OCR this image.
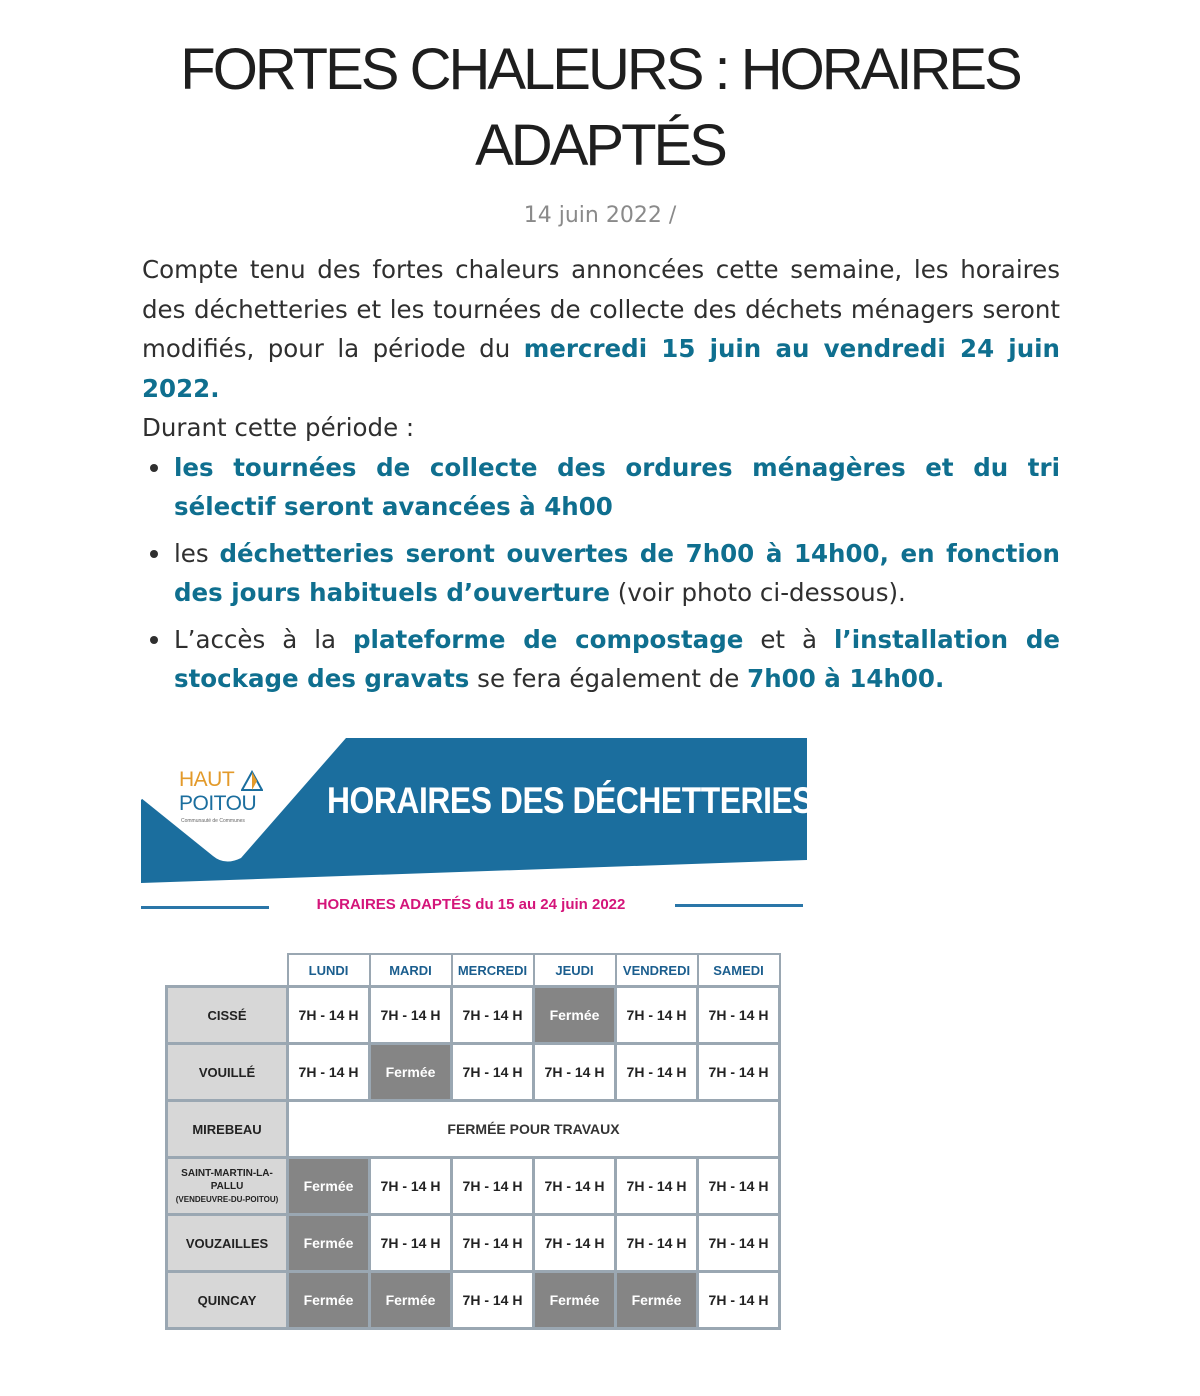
FORTES CHALEURS : HORAIRES
ADAPTÉS
14 juin 2022 /

Compte tenu des fortes chaleurs annoncées cette semaine, les horaires des déchetteries et les tournées de collecte des déchets ménagers seront modifiés, pour la période du mercredi 15 juin au vendredi 24 juin 2022.

Durant cette période :

les tournées de collecte des ordures ménagères et du tri sélectif seront avancées à 4h00
les déchetteries seront ouvertes de 7h00 à 14h00, en fonction des jours habituels d’ouverture (voir photo ci-dessous).
L’accès à la plateforme de compostage et à l’installation de stockage des gravats se fera également de 7h00 à 14h00.
HAUT
POITOU
Communauté de Communes HORAIRES DES DÉCHETTERIES
HORAIRES ADAPTÉS du 15 au 24 juin 2022
	LUNDI	MARDI	MERCREDI	JEUDI	VENDREDI	SAMEDI
CISSÉ	7H - 14 H	7H - 14 H	7H - 14 H	Fermée	7H - 14 H	7H - 14 H
VOUILLÉ	7H - 14 H	Fermée	7H - 14 H	7H - 14 H	7H - 14 H	7H - 14 H
MIREBEAU	FERMÉE POUR TRAVAUX					
SAINT-MARTIN-LA-
PALLU
(VENDEUVRE-DU-POITOU)	Fermée	7H - 14 H	7H - 14 H	7H - 14 H	7H - 14 H	7H - 14 H
VOUZAILLES	Fermée	7H - 14 H	7H - 14 H	7H - 14 H	7H - 14 H	7H - 14 H
QUINCAY	Fermée	Fermée	7H - 14 H	Fermée	Fermée	7H - 14 H
